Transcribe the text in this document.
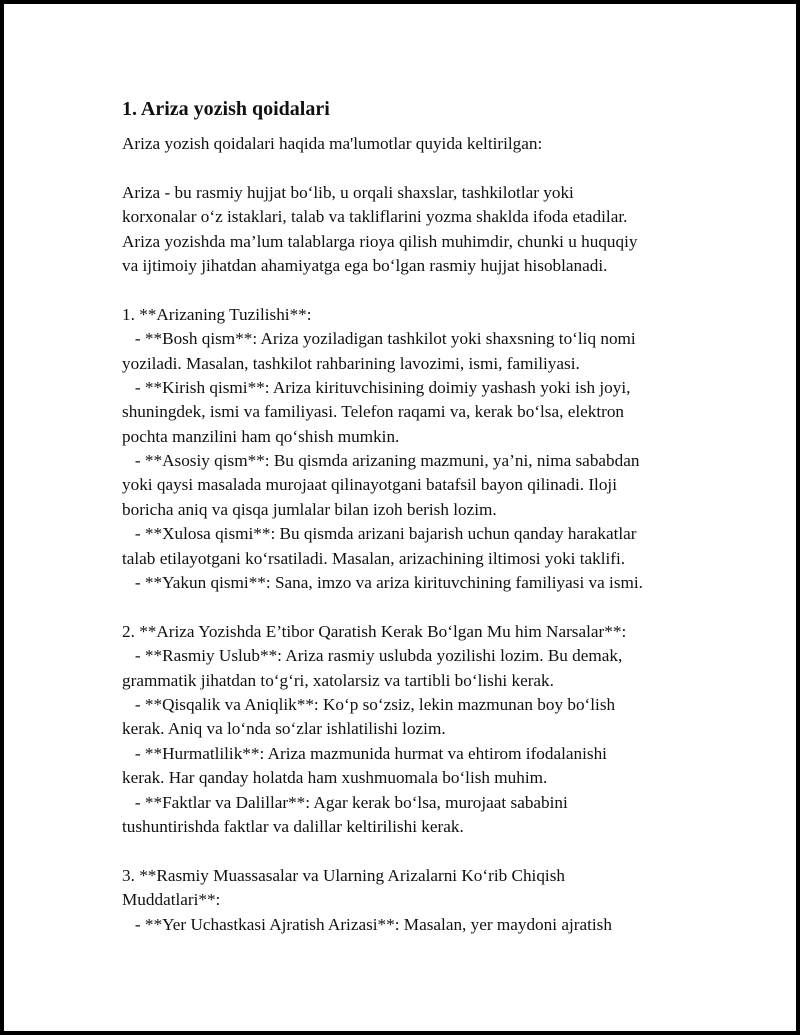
1. Ariza yozish qoidalari
Ariza yozish qoidalari haqida ma'lumotlar quyida keltirilgan:
Ariza - bu rasmiy hujjat bo‘lib, u orqali shaxslar, tashkilotlar yoki
korxonalar o‘z istaklari, talab va takliflarini yozma shaklda ifoda etadilar.
Ariza yozishda ma’lum talablarga rioya qilish muhimdir, chunki u huquqiy
va ijtimoiy jihatdan ahamiyatga ega bo‘lgan rasmiy hujjat hisoblanadi.
1. **Arizaning Tuzilishi**:
- **Bosh qism**: Ariza yoziladigan tashkilot yoki shaxsning to‘liq nomi
yoziladi. Masalan, tashkilot rahbarining lavozimi, ismi, familiyasi.
- **Kirish qismi**: Ariza kirituvchisining doimiy yashash yoki ish joyi,
shuningdek, ismi va familiyasi. Telefon raqami va, kerak bo‘lsa, elektron
pochta manzilini ham qo‘shish mumkin.
- **Asosiy qism**: Bu qismda arizaning mazmuni, ya’ni, nima sababdan
yoki qaysi masalada murojaat qilinayotgani batafsil bayon qilinadi. Iloji
boricha aniq va qisqa jumlalar bilan izoh berish lozim.
- **Xulosa qismi**: Bu qismda arizani bajarish uchun qanday harakatlar
talab etilayotgani ko‘rsatiladi. Masalan, arizachining iltimosi yoki taklifi.
- **Yakun qismi**: Sana, imzo va ariza kirituvchining familiyasi va ismi.
2. **Ariza Yozishda E’tibor Qaratish Kerak Bo‘lgan Mu him Narsalar**:
- **Rasmiy Uslub**: Ariza rasmiy uslubda yozilishi lozim. Bu demak,
grammatik jihatdan to‘g‘ri, xatolarsiz va tartibli bo‘lishi kerak.
- **Qisqalik va Aniqlik**: Ko‘p so‘zsiz, lekin mazmunan boy bo‘lish
kerak. Aniq va lo‘nda so‘zlar ishlatilishi lozim.
- **Hurmatlilik**: Ariza mazmunida hurmat va ehtirom ifodalanishi
kerak. Har qanday holatda ham xushmuomala bo‘lish muhim.
- **Faktlar va Dalillar**: Agar kerak bo‘lsa, murojaat sababini
tushuntirishda faktlar va dalillar keltirilishi kerak.
3. **Rasmiy Muassasalar va Ularning Arizalarni Ko‘rib Chiqish
Muddatlari**:
- **Yer Uchastkasi Ajratish Arizasi**: Masalan, yer maydoni ajratish
